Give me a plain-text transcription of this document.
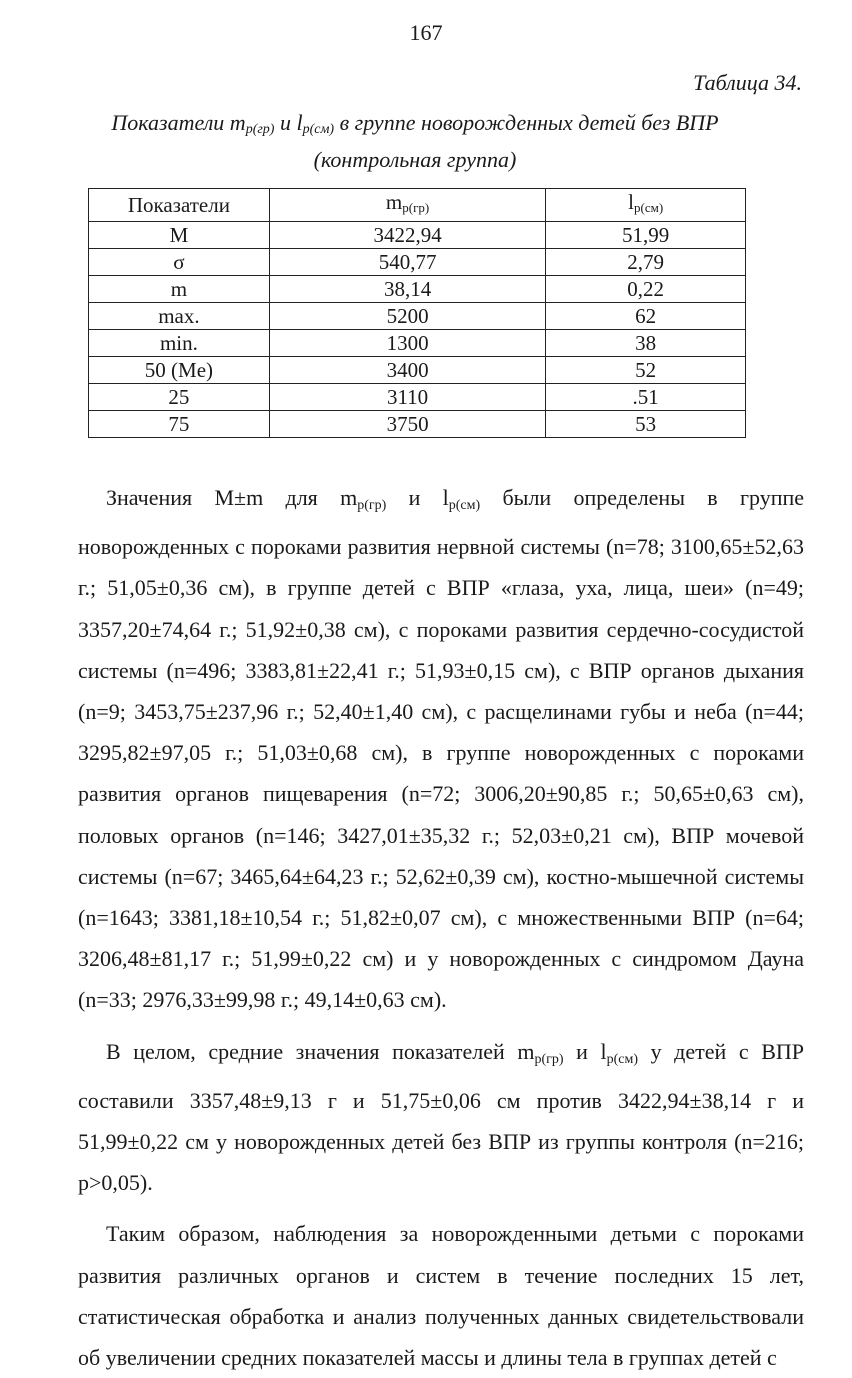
167
Таблица 34.
Показатели $m_{р(гр)}$ и $l_{р(см)}$ в группе новорожденных детей без ВПР
(контрольная группа)
Показатели	$m_{р(гр)}$	$l_{р(см)}$
M	3422,94	51,99
σ	540,77	2,79
m	38,14	0,22
max.	5200	62
min.	1300	38
50 (Me)	3400	52
25	3110	.51
75	3750	53

Значения M±m для $m_{р(гр)}$ и $l_{р(см)}$ были определены в группе новорожденных с пороками развития нервной системы (n=78; 3100,65±52,63 г.; 51,05±0,36 см), в группе детей с ВПР «глаза, уха, лица, шеи» (n=49; 3357,20±74,64 г.; 51,92±0,38 см), с пороками развития сердечно-сосудистой системы (n=496; 3383,81±22,41 г.; 51,93±0,15 см), с ВПР органов дыхания (n=9; 3453,75±237,96 г.; 52,40±1,40 см), с расщелинами губы и неба (n=44; 3295,82±97,05 г.; 51,03±0,68 см), в группе новорожденных с пороками развития органов пищеварения (n=72; 3006,20±90,85 г.; 50,65±0,63 см), половых органов (n=146; 3427,01±35,32 г.; 52,03±0,21 см), ВПР мочевой системы (n=67; 3465,64±64,23 г.; 52,62±0,39 см), костно-мышечной системы (n=1643; 3381,18±10,54 г.; 51,82±0,07 см), с множественными ВПР (n=64; 3206,48±81,17 г.; 51,99±0,22 см) и у новорожденных с синдромом Дауна (n=33; 2976,33±99,98 г.; 49,14±0,63 см).

В целом, средние значения показателей $m_{р(гр)}$ и $l_{р(см)}$ у детей с ВПР составили 3357,48±9,13 г и 51,75±0,06 см против 3422,94±38,14 г и 51,99±0,22 см у новорожденных детей без ВПР из группы контроля (n=216; р>0,05).

Таким образом, наблюдения за новорожденными детьми с пороками развития различных органов и систем в течение последних 15 лет, статистическая обработка и анализ полученных данных свидетельствовали об увеличении средних показателей массы и длины тела в группах детей с
